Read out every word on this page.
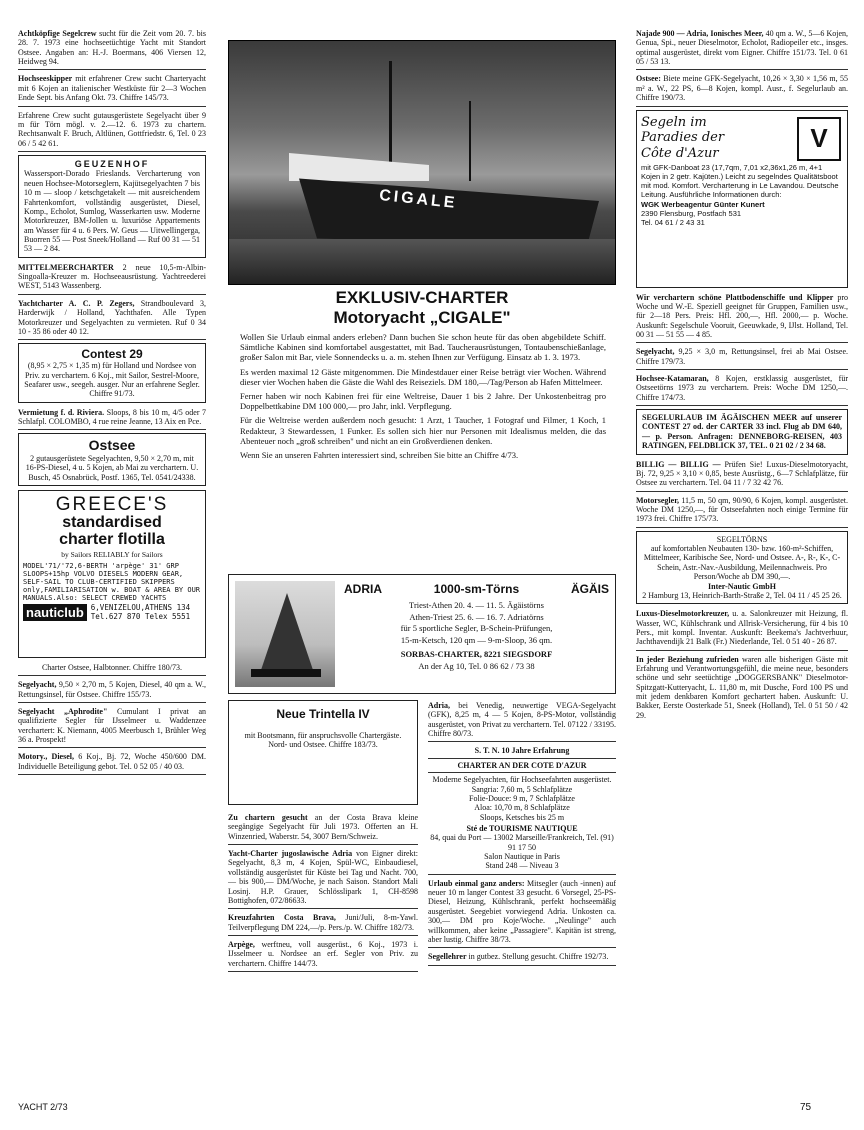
Achtköpfige Segelcrew sucht für die Zeit vom 20. 7. bis 28. 7. 1973 eine hochseetüchtige Yacht mit Standort Ostsee. Angaben an: H.-J. Boermans, 406 Viersen 12, Heidweg 94.
Hochseeskipper mit erfahrener Crew sucht Charteryacht mit 6 Kojen an italienischer Westküste für 2—3 Wochen Ende Sept. bis Anfang Okt. 73. Chiffre 145/73.
Erfahrene Crew sucht gutausgerüstete Segelyacht über 9 m für Törn mögl. v. 2.—12. 6. 1973 zu chartern. Rechtsanwalt F. Bruch, Altlünen, Gottfriedstr. 6, Tel. 0 23 06 / 5 42 61.
GEUZENHOF
Wassersport-Dorado Frieslands. Vercharterung von neuen Hochsee-Motorseglern, Kajütsegelyachten 7 bis 10 m — sloop / ketschgetakelt — mit ausreichendem Fahrtenkomfort, vollständig ausgerüstet, Diesel, Komp., Echolot, Sumlog, Wasserkarten usw. Moderne Motorkreuzer, BM-Jollen u. luxuriöse Appartements am Wasser für 4 u. 6 Pers. W. Geus — Uitwellingerga, Buorren 55 — Post Sneek/Holland — Ruf 00 31 — 51 53 — 2 84.
MITTELMEERCHARTER 2 neue 10,5-m-Albin-Singoalla-Kreuzer m. Hochseeausrüstung. Yachtreederei WEST, 5143 Wassenberg.
Yachtcharter A. C. P. Zegers, Strandboulevard 3, Harderwijk / Holland, Yachthafen. Alle Typen Motorkreuzer und Segelyachten zu vermieten. Ruf 0 34 10 - 35 86 oder 40 12.
Contest 29
(8,95 × 2,75 × 1,35 m) für Holland und Nordsee von Priv. zu verchartern. 6 Koj., mit Sailor, Sestrel-Moore, Seafarer usw., seegeh. ausger. Nur an erfahrene Segler. Chiffre 91/73.
Vermietung f. d. Riviera. Sloops, 8 bis 10 m, 4/5 oder 7 Schlafpl. COLOMBO, 4 rue reine Jeanne, 13 Aix en Pce.
Ostsee
2 gutausgerüstete Segelyachten, 9,50 × 2,70 m, mit 16-PS-Diesel, 4 u. 5 Kojen, ab Mai zu verchartern. U. Busch, 45 Osnabrück, Postf. 1365, Tel. 0541/24338.
GREECE'S
standardised
charter flotilla
by Sailors RELIABLY for Sailors
MODEL'71/'72,6-BERTH 'arpège' 31' GRP SLOOPS+15hp VOLVO DIESELS MODERN GEAR, SELF-SAIL TO CLUB-CERTIFIED SKIPPERS only,FAMILIARISATION w. BOAT & AREA BY OUR MANUALS.Also: SELECT CREWED YACHTS
nauticlub 6,VENIZELOU,ATHENS 134 Tel.627 870 Telex 5551
Charter Ostsee, Halbtonner. Chiffre 180/73.
Segelyacht, 9,50 × 2,70 m, 5 Kojen, Diesel, 40 qm a. W., Rettungsinsel, für Ostsee. Chiffre 155/73.
Segelyacht „Aphrodite" Cumulant I privat an qualifizierte Segler für IJsselmeer u. Waddenzee verchartert: K. Niemann, 4005 Meerbusch 1, Brühler Weg 36 a. Prospekt!
Motory., Diesel, 6 Koj., Bj. 72, Woche 450/600 DM. Individuelle Beteiligung gebot. Tel. 0 52 05 / 40 03.
CIGALE
EXKLUSIV-CHARTER
Motoryacht „CIGALE"

Wollen Sie Urlaub einmal anders erleben? Dann buchen Sie schon heute für das oben abgebildete Schiff. Sämtliche Kabinen sind komfortabel ausgestattet, mit Bad. Taucherausrüstungen, Tontaubenschießanlage, großer Salon mit Bar, viele Sonnendecks u. a. m. stehen Ihnen zur Verfügung. Einsatz ab 1. 3. 1973.

Es werden maximal 12 Gäste mitgenommen. Die Mindestdauer einer Reise beträgt vier Wochen. Während dieser vier Wochen haben die Gäste die Wahl des Reiseziels. DM 180,—/Tag/Person ab Hafen Mittelmeer.

Ferner haben wir noch Kabinen frei für eine Weltreise, Dauer 1 bis 2 Jahre. Der Unkostenbeitrag pro Doppelbettkabine DM 100 000,— pro Jahr, inkl. Verpflegung.

Für die Weltreise werden außerdem noch gesucht: 1 Arzt, 1 Taucher, 1 Fotograf und Filmer, 1 Koch, 1 Redakteur, 3 Stewardessen, 1 Funker. Es sollen sich hier nur Personen mit Idealismus melden, die das Abenteuer noch „groß schreiben" und nicht an ein Großverdienen denken.

Wenn Sie an unseren Fahrten interessiert sind, schreiben Sie bitte an Chiffre 4/73.

ADRIA	1000-sm-Törns	ÄGÄIS
Triest-Athen 20. 4. — 11. 5. Ägäistörns
Athen-Triest 25. 6. — 16. 7. Adriatörns
für 5 sportliche Segler, B-Schein-Prüfungen,
15-m-Ketsch, 120 qm — 9-m-Sloop, 36 qm.
SORBAS-CHARTER, 8221 SIEGSDORF
An der Ag 10, Tel. 0 86 62 / 73 38
Neue Trintella IV
mit Bootsmann, für anspruchsvolle Chartergäste. Nord- und Ostsee. Chiffre 183/73.
Zu chartern gesucht an der Costa Brava kleine seegängige Segelyacht für Juli 1973. Offerten an H. Winzenried, Waberstr. 54, 3007 Bern/Schweiz.
Yacht-Charter jugoslawische Adria von Eigner direkt: Segelyacht, 8,3 m, 4 Kojen, Spül-WC, Einbaudiesel, vollständig ausgerüstet für Küste bei Tag und Nacht. 700,— bis 900,— DM/Woche, je nach Saison. Standort Mali Losinj. H.P. Grauer, Schlösslipark 1, CH-8598 Bottighofen, 072/86633.
Kreuzfahrten Costa Brava, Juni/Juli, 8-m-Yawl. Teilverpflegung DM 224,—/p. Pers./p. W. Chiffre 182/73.
Arpège, werftneu, voll ausgerüst., 6 Koj., 1973 i. IJsselmeer u. Nordsee an erf. Segler von Priv. zu verchartern. Chiffre 144/73.
Adria, bei Venedig, neuwertige VEGA-Segelyacht (GFK), 8,25 m, 4 — 5 Kojen, 8-PS-Motor, vollständig ausgerüstet, von Privat zu verchartern. Tel. 07122 / 33195. Chiffre 80/73.
S. T. N. 10 Jahre Erfahrung
CHARTER AN DER COTE D'AZUR
Moderne Segelyachten, für Hochseefahrten ausgerüstet.
Sangria: 7,60 m, 5 Schlafplätze
Folie-Douce: 9 m, 7 Schlafplätze
Aloa: 10,70 m, 8 Schlafplätze
Sloops, Ketsches bis 25 m
Sté de TOURISME NAUTIQUE
84, quai du Port — 13002 Marseille/Frankreich, Tel. (91) 91 17 50
Salon Nautique in Paris
Stand 248 — Niveau 3
Urlaub einmal ganz anders: Mitsegler (auch -innen) auf neuer 10 m langer Contest 33 gesucht. 6 Vorsegel, 25-PS-Diesel, Heizung, Kühlschrank, perfekt hochseemäßig ausgerüstet. Seegebiet vorwiegend Adria. Unkosten ca. 300,— DM pro Koje/Woche. „Neulinge" auch willkommen, aber keine „Passagiere". Kapitän ist streng, aber lustig. Chiffre 38/73.
Segellehrer in gutbez. Stellung gesucht. Chiffre 192/73.
Najade 900 — Adria, Ionisches Meer, 40 qm a. W., 5—6 Kojen, Genua, Spi., neuer Dieselmotor, Echolot, Radiopeiler etc., insges. optimal ausgerüstet, direkt vom Eigner. Chiffre 151/73. Tel. 0 61 05 / 53 13.
Ostsee: Biete meine GFK-Segelyacht, 10,26 × 3,30 × 1,56 m, 55 m² a. W., 22 PS, 6—8 Kojen, kompl. Ausr., f. Segelurlaub an. Chiffre 190/73.
V
Segeln im
Paradies der
Côte d'Azur
mit GFK-Danboat 23 (17,7qm, 7,01 x2,36x1,26 m, 4+1 Kojen in 2 getr. Kajüten.) Leicht zu segelndes Qualitätsboot mit mod. Komfort. Vercharterung in Le Lavandou. Deutsche Leitung. Ausführliche Informationen durch:
WGK Werbeagentur Günter Kunert
2390 Flensburg, Postfach 531
Tel. 04 61 / 2 43 31
Wir verchartern schöne Plattbodenschiffe und Klipper pro Woche und W.-E. Speziell geeignet für Gruppen, Familien usw., für 2—18 Pers. Preis: Hfl. 200,—, Hfl. 2000,— p. Woche. Auskunft: Segelschule Vooruit, Geeuwkade, 9, IJlst. Holland, Tel. 00 31 — 51 55 — 4 85.
Segelyacht, 9,25 × 3,0 m, Rettungsinsel, frei ab Mai Ostsee. Chiffre 179/73.
Hochsee-Katamaran, 8 Kojen, erstklassig ausgerüstet, für Ostseetörns 1973 zu verchartern. Preis: Woche DM 1250,—. Chiffre 174/73.
SEGELURLAUB IM ÄGÄISCHEN MEER auf unserer CONTEST 27 od. der CARTER 33 incl. Flug ab DM 640,— p. Person. Anfragen: DENNEBORG-REISEN, 403 RATINGEN, FELDBLICK 37, TEL. 0 21 02 / 2 34 68.
BILLIG — BILLIG — Prüfen Sie! Luxus-Dieselmotoryacht, Bj. 72, 9,25 × 3,10 × 0,85, beste Ausrüstg., 6—7 Schlafplätze, für Ostsee zu verchartern. Tel. 04 11 / 7 32 42 76.
Motorsegler, 11,5 m, 50 qm, 90/90, 6 Kojen, kompl. ausgerüstet. Woche DM 1250,—, für Ostseefahrten noch einige Termine für 1973 frei. Chiffre 175/73.
SEGELTÖRNS
auf komfortablen Neubauten 130- bzw. 160-m²-Schiffen, Mittelmeer, Karibische See, Nord- und Ostsee. A-, R-, K-, C-Schein, Astr.-Nav.-Ausbildung, Meilennachweis. Pro Person/Woche ab DM 390,—.
Inter-Nautic GmbH
2 Hamburg 13, Heinrich-Barth-Straße 2, Tel. 04 11 / 45 25 26.
Luxus-Dieselmotorkreuzer, u. a. Salonkreuzer mit Heizung, fl. Wasser, WC, Kühlschrank und Allrisk-Versicherung, für 4 bis 10 Pers., mit kompl. Inventar. Auskunft: Beekema's Jachtverhuur, Jachthavendijk 21 Balk (Fr.) Niederlande, Tel. 0 51 40 - 26 87.
In jeder Beziehung zufrieden waren alle bisherigen Gäste mit Erfahrung und Verantwortungsgefühl, die meine neue, besonders schöne und sehr seetüchtige „DOGGERSBANK" Dieselmotor-Spitzgatt-Kutteryacht, L. 11,80 m, mit Dusche, Ford 100 PS und mit jedem denkbaren Komfort gechartert haben. Auskunft: U. Bakker, Eerste Oosterkade 51, Sneek (Holland), Tel. 0 51 50 / 42 29.
YACHT 2/73	75
